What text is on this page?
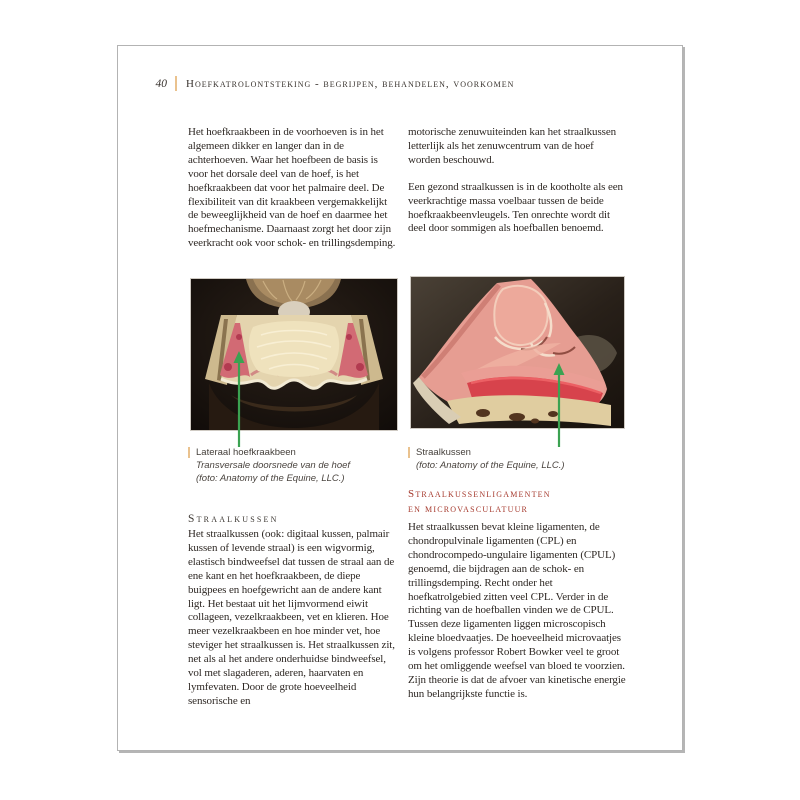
40 Hoefkatrolontsteking - begrijpen, behandelen, voorkomen
Het hoefkraakbeen in de voorhoeven is in het algemeen dikker en langer dan in de achterhoeven. Waar het hoefbeen de basis is voor het dorsale deel van de hoef, is het hoefkraakbeen dat voor het palmaire deel. De flexibiliteit van dit kraakbeen vergemakkelijkt de beweeglijkheid van de hoef en daarmee het hoefmechanisme. Daarnaast zorgt het door zijn veerkracht ook voor schok- en trillingsdemping.
motorische zenuwuiteinden kan het straalkussen letterlijk als het zenuwcentrum van de hoef worden beschouwd.
Een gezond straalkussen is in de kootholte als een veerkrachtige massa voelbaar tussen de beide hoefkraakbeenvleugels. Ten onrechte wordt dit deel door sommigen als hoefballen benoemd.
Lateraal hoefkraakbeen
Transversale doorsnede van de hoef
(foto: Anatomy of the Equine, LLC.)
Straalkussen
(foto: Anatomy of the Equine, LLC.)
Straalkussen
Het straalkussen (ook: digitaal kussen, palmair kussen of levende straal) is een wigvormig, elastisch bindweefsel dat tussen de straal aan de ene kant en het hoefkraakbeen, de diepe buigpees en hoefgewricht aan de andere kant ligt. Het bestaat uit het lijmvormend eiwit collageen, vezelkraakbeen, vet en klieren. Hoe meer vezelkraakbeen en hoe minder vet, hoe steviger het straalkussen is. Het straalkussen zit, net als al het andere onderhuidse bindweefsel, vol met slagaderen, aderen, haarvaten en lymfevaten. Door de grote hoeveelheid sensorische en
Straalkussenligamenten
en microvasculatuur
Het straalkussen bevat kleine ligamenten, de chondropulvinale ligamenten (CPL) en chondrocompedo-ungulaire ligamenten (CPUL) genoemd, die bijdragen aan de schok- en trillingsdemping. Recht onder het hoefkatrolgebied zitten veel CPL. Verder in de richting van de hoefballen vinden we de CPUL. Tussen deze ligamenten liggen microscopisch kleine bloedvaatjes. De hoeveelheid microvaatjes is volgens professor Robert Bowker veel te groot om het omliggende weefsel van bloed te voorzien. Zijn theorie is dat de afvoer van kinetische energie hun belangrijkste functie is.
